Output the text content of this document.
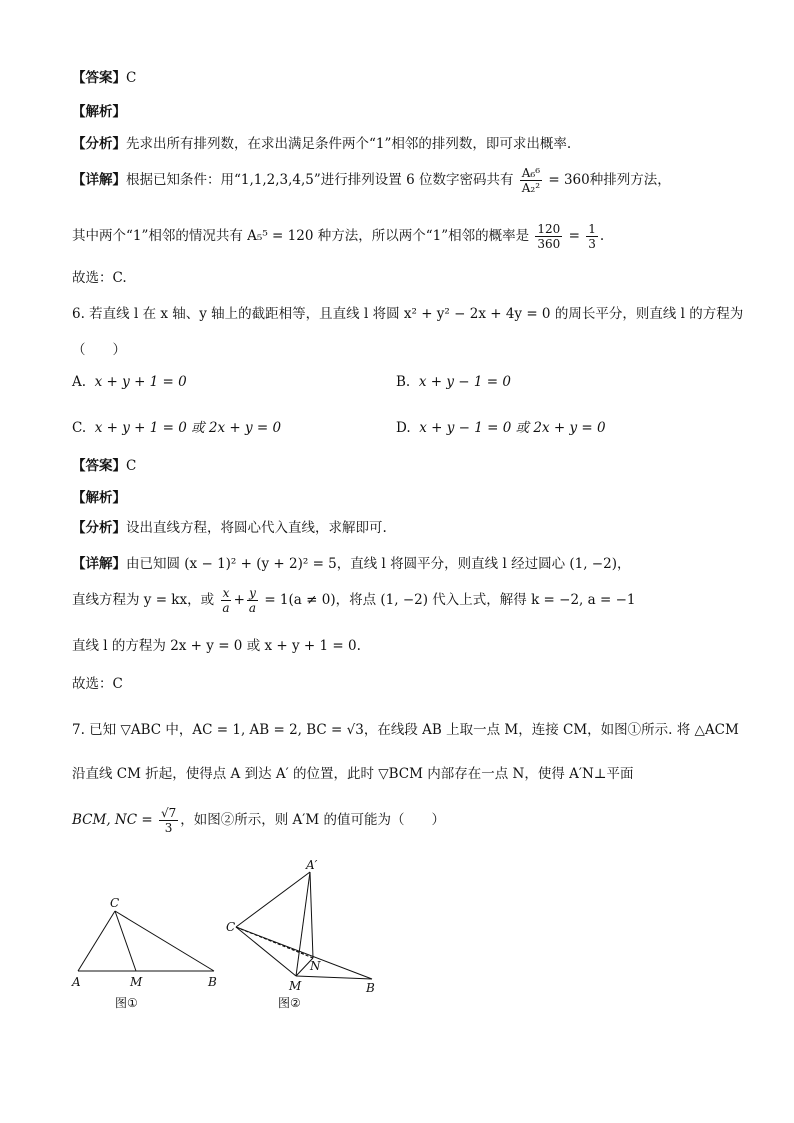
【答案】C
【解析】
【分析】先求出所有排列数，在求出满足条件两个“1”相邻的排列数，即可求出概率.
【详解】根据已知条件：用“1,1,2,3,4,5”进行排列设置 6 位数字密码共有 $\frac{\text{A₆⁶}}{\text{A₂²}} = 360$种排列方法，
其中两个“1”相邻的情况共有 A₅⁵ = 120 种方法，所以两个“1”相邻的概率是 $\frac{120}{360} = \frac{1}{3}$ .
故选：C.
6. 若直线 l 在 x 轴、y 轴上的截距相等，且直线 l 将圆 x² + y² − 2x + 4y = 0 的周长平分，则直线 l 的方程为
（　　）
A. x + y + 1 = 0	B. x + y − 1 = 0
C. x + y + 1 = 0 或 2x + y = 0	D. x + y − 1 = 0 或 2x + y = 0
【答案】C
【解析】
【分析】设出直线方程，将圆心代入直线，求解即可.
【详解】由已知圆 (x − 1)² + (y + 2)² = 5，直线 l 将圆平分，则直线 l 经过圆心 (1, −2)，
直线方程为 y = kx，或 $\frac{x}{a} + \frac{y}{a} = 1(a \ne 0)$，将点 (1, −2) 代入上式，解得 k = −2, a = −1
直线 l 的方程为 2x + y = 0 或 x + y + 1 = 0.
故选：C
7. 已知 ▽ABC 中，AC = 1, AB = 2, BC = √3，在线段 AB 上取一点 M，连接 CM，如图①所示. 将 △ACM
沿直线 CM 折起，使得点 A 到达 A′ 的位置，此时 ▽BCM 内部存在一点 N，使得 A′N⊥平面
BCM, NC = $\frac{√7}{3}$ ，如图②所示，则 A′M 的值可能为（　　）
C
A	M	B
图①
A′
C
N
M	B
图②
